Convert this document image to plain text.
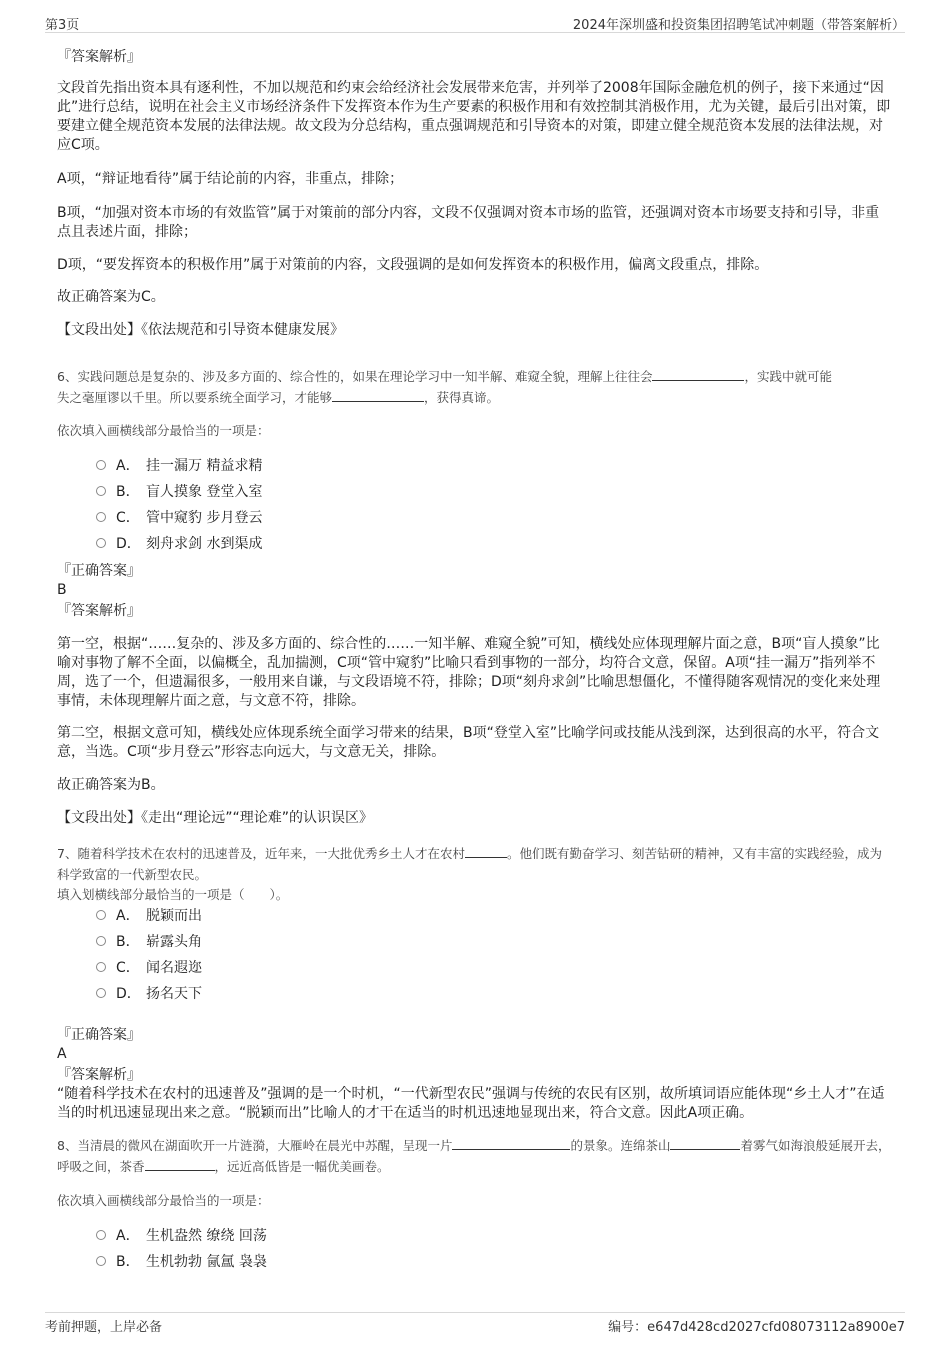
第3页	2024年深圳盛和投资集团招聘笔试冲刺题（带答案解析）
『答案解析』
文段首先指出资本具有逐利性，不加以规范和约束会给经济社会发展带来危害，并列举了2008年国际金融危机的例子，接下来通过“因此”进行总结，说明在社会主义市场经济条件下发挥资本作为生产要素的积极作用和有效控制其消极作用，尤为关键，最后引出对策，即要建立健全规范资本发展的法律法规。故文段为分总结构，重点强调规范和引导资本的对策，即建立健全规范资本发展的法律法规，对应C项。
A项，“辩证地看待”属于结论前的内容，非重点，排除；
B项，“加强对资本市场的有效监管”属于对策前的部分内容，文段不仅强调对资本市场的监管，还强调对资本市场要支持和引导，非重点且表述片面，排除；
D项，“要发挥资本的积极作用”属于对策前的内容，文段强调的是如何发挥资本的积极作用，偏离文段重点，排除。
故正确答案为C。
【文段出处】《依法规范和引导资本健康发展》
6、实践问题总是复杂的、涉及多方面的、综合性的，如果在理论学习中一知半解、难窥全貌，理解上往往会	，实践中就可能
失之毫厘谬以千里。所以要系统全面学习，才能够	，获得真谛。
依次填入画横线部分最恰当的一项是：
A． 挂一漏万 精益求精
B． 盲人摸象 登堂入室
C． 管中窥豹 步月登云
D． 刻舟求剑 水到渠成
『正确答案』
B
『答案解析』
第一空，根据“……复杂的、涉及多方面的、综合性的……一知半解、难窥全貌”可知，横线处应体现理解片面之意，B项“盲人摸象”比喻对事物了解不全面，以偏概全，乱加揣测，C项“管中窥豹”比喻只看到事物的一部分，均符合文意，保留。A项“挂一漏万”指列举不周，选了一个，但遗漏很多，一般用来自谦，与文段语境不符，排除；D项“刻舟求剑”比喻思想僵化，不懂得随客观情况的变化来处理事情，未体现理解片面之意，与文意不符，排除。
第二空，根据文意可知，横线处应体现系统全面学习带来的结果，B项“登堂入室”比喻学问或技能从浅到深，达到很高的水平，符合文意，当选。C项“步月登云”形容志向远大，与文意无关，排除。
故正确答案为B。
【文段出处】《走出“理论远”“理论难”的认识误区》
7、随着科学技术在农村的迅速普及，近年来，一大批优秀乡土人才在农村	。他们既有勤奋学习、刻苦钻研的精神，又有丰富的实践经验，成为科学致富的一代新型农民。
填入划横线部分最恰当的一项是（　　）。
A． 脱颖而出
B． 崭露头角
C． 闻名遐迩
D． 扬名天下
『正确答案』
A
『答案解析』
“随着科学技术在农村的迅速普及”强调的是一个时机，“一代新型农民”强调与传统的农民有区别，故所填词语应能体现“乡土人才”在适当的时机迅速显现出来之意。“脱颖而出”比喻人的才干在适当的时机迅速地显现出来，符合文意。因此A项正确。
8、当清晨的微风在湖面吹开一片涟漪，大雁岭在晨光中苏醒，呈现一片	的景象。连绵茶山	着雾气如海浪般延展开去，呼吸之间，茶香	，远近高低皆是一幅优美画卷。
依次填入画横线部分最恰当的一项是：
A． 生机盎然 缭绕 回荡
B． 生机勃勃 氤氲 袅袅
考前押题，上岸必备	编号：e647d428cd2027cfd08073112a8900e7
